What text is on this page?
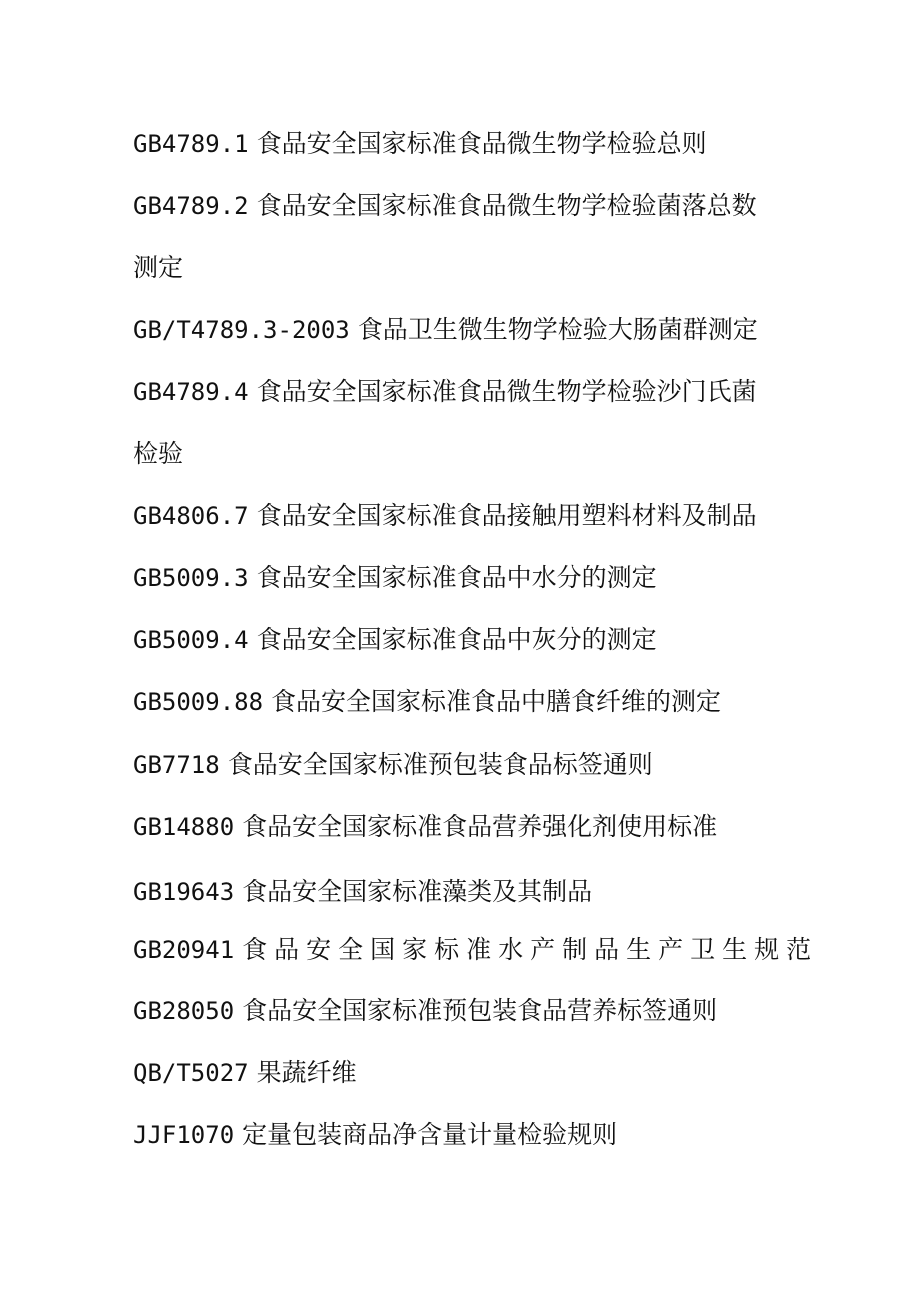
GB4789.1 食品安全国家标准食品微生物学检验总则
GB4789.2 食品安全国家标准食品微生物学检验菌落总数
测定
GB/T4789.3-2003 食品卫生微生物学检验大肠菌群测定
GB4789.4 食品安全国家标准食品微生物学检验沙门氏菌
检验
GB4806.7 食品安全国家标准食品接触用塑料材料及制品
GB5009.3 食品安全国家标准食品中水分的测定
GB5009.4 食品安全国家标准食品中灰分的测定
GB5009.88 食品安全国家标准食品中膳食纤维的测定
GB7718 食品安全国家标准预包装食品标签通则
GB14880 食品安全国家标准食品营养强化剂使用标准
GB19643 食品安全国家标准藻类及其制品
GB20941 食品安全国家标准水产制品生产卫生规范
GB28050 食品安全国家标准预包装食品营养标签通则
QB/T5027 果蔬纤维
JJF1070 定量包装商品净含量计量检验规则
